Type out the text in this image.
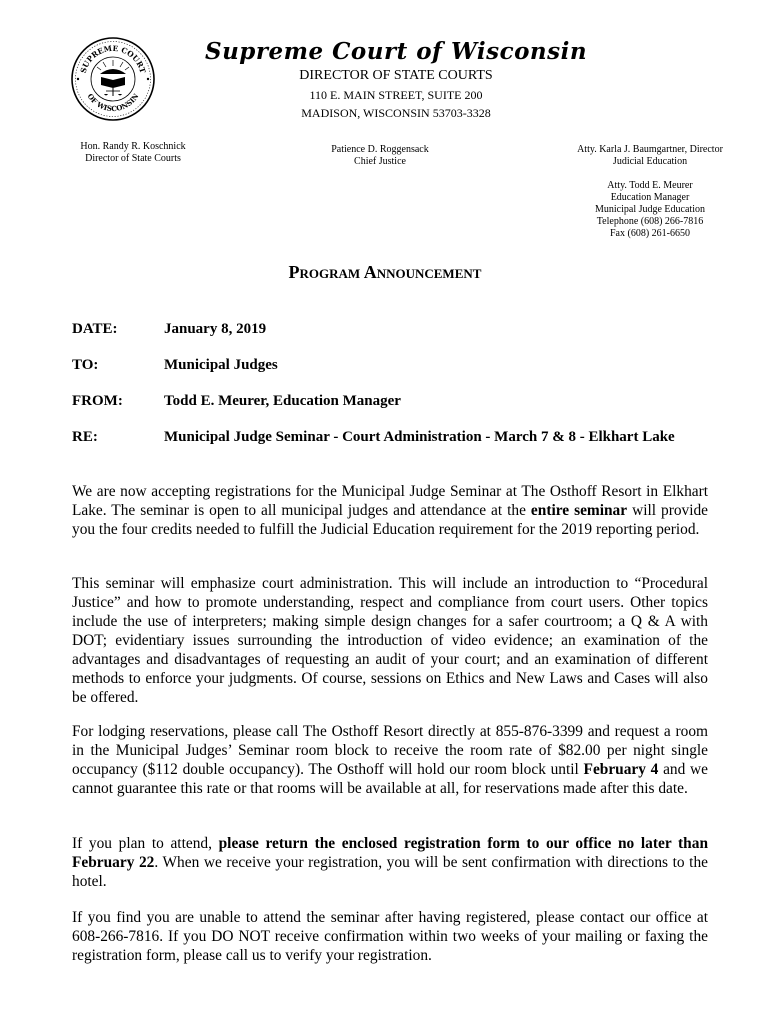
SUPREME COURT
OF WISCONSIN
Supreme Court of Wisconsin
DIRECTOR OF STATE COURTS
110 E. MAIN STREET, SUITE 200
MADISON, WISCONSIN 53703-3328
Hon. Randy R. Koschnick
Director of State Courts
Patience D. Roggensack
Chief Justice
Atty. Karla J. Baumgartner, Director
Judicial Education
Atty. Todd E. Meurer
Education Manager
Municipal Judge Education
Telephone (608) 266-7816
Fax (608) 261-6650
Program Announcement
DATE:	January 8, 2019
TO:	Municipal Judges
FROM:	Todd E. Meurer, Education Manager
RE:	Municipal Judge Seminar - Court Administration - March 7 & 8 - Elkhart Lake
We are now accepting registrations for the Municipal Judge Seminar at The Osthoff Resort in Elkhart Lake. The seminar is open to all municipal judges and attendance at the entire seminar will provide you the four credits needed to fulfill the Judicial Education requirement for the 2019 reporting period.
This seminar will emphasize court administration. This will include an introduction to “Procedural Justice” and how to promote understanding, respect and compliance from court users. Other topics include the use of interpreters; making simple design changes for a safer courtroom; a Q & A with DOT; evidentiary issues surrounding the introduction of video evidence; an examination of the advantages and disadvantages of requesting an audit of your court; and an examination of different methods to enforce your judgments. Of course, sessions on Ethics and New Laws and Cases will also be offered.
For lodging reservations, please call The Osthoff Resort directly at 855-876-3399 and request a room in the Municipal Judges’ Seminar room block to receive the room rate of $82.00 per night single occupancy ($112 double occupancy). The Osthoff will hold our room block until February 4 and we cannot guarantee this rate or that rooms will be available at all, for reservations made after this date.
If you plan to attend, please return the enclosed registration form to our office no later than February 22. When we receive your registration, you will be sent confirmation with directions to the hotel.
If you find you are unable to attend the seminar after having registered, please contact our office at 608-266-7816. If you DO NOT receive confirmation within two weeks of your mailing or faxing the registration form, please call us to verify your registration.
